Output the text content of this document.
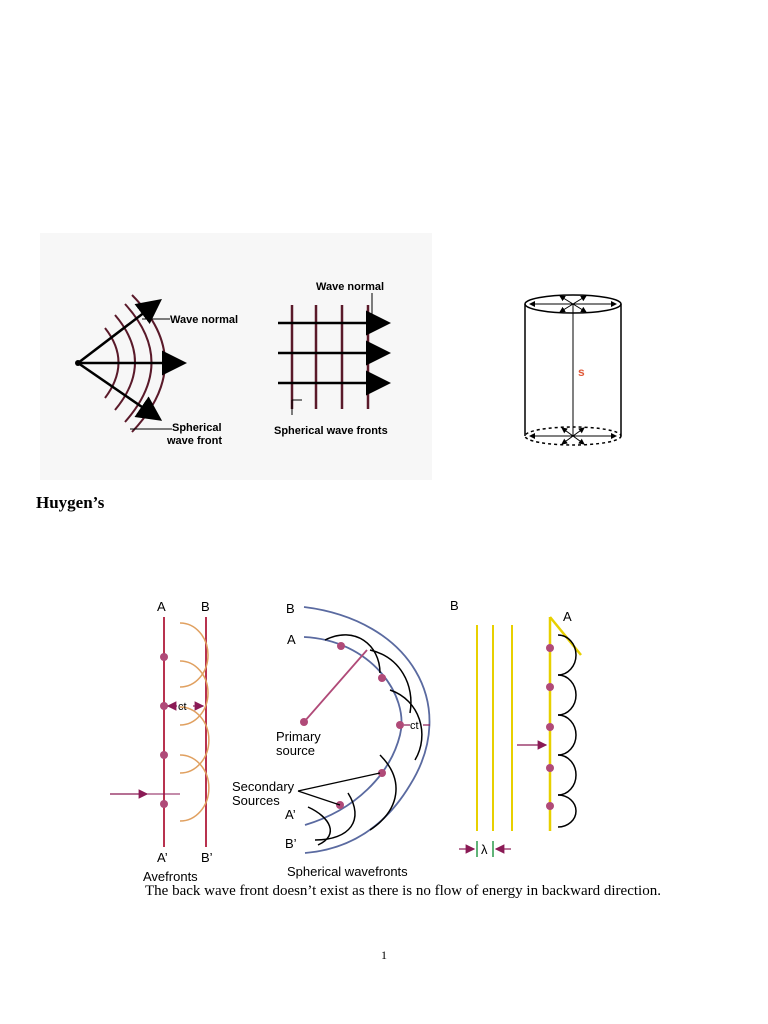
Wave normal
Spherical
wave front
Wave normal
Spherical wave fronts
s
Huygen’s
A	B
ct
A’	B’
Avefronts
B
A
ct
Primary
source
Secondary
Sources
A’
B’
Spherical wavefronts
B
A
λ
The back wave front doesn’t exist as there is no flow of energy in backward direction.
1
